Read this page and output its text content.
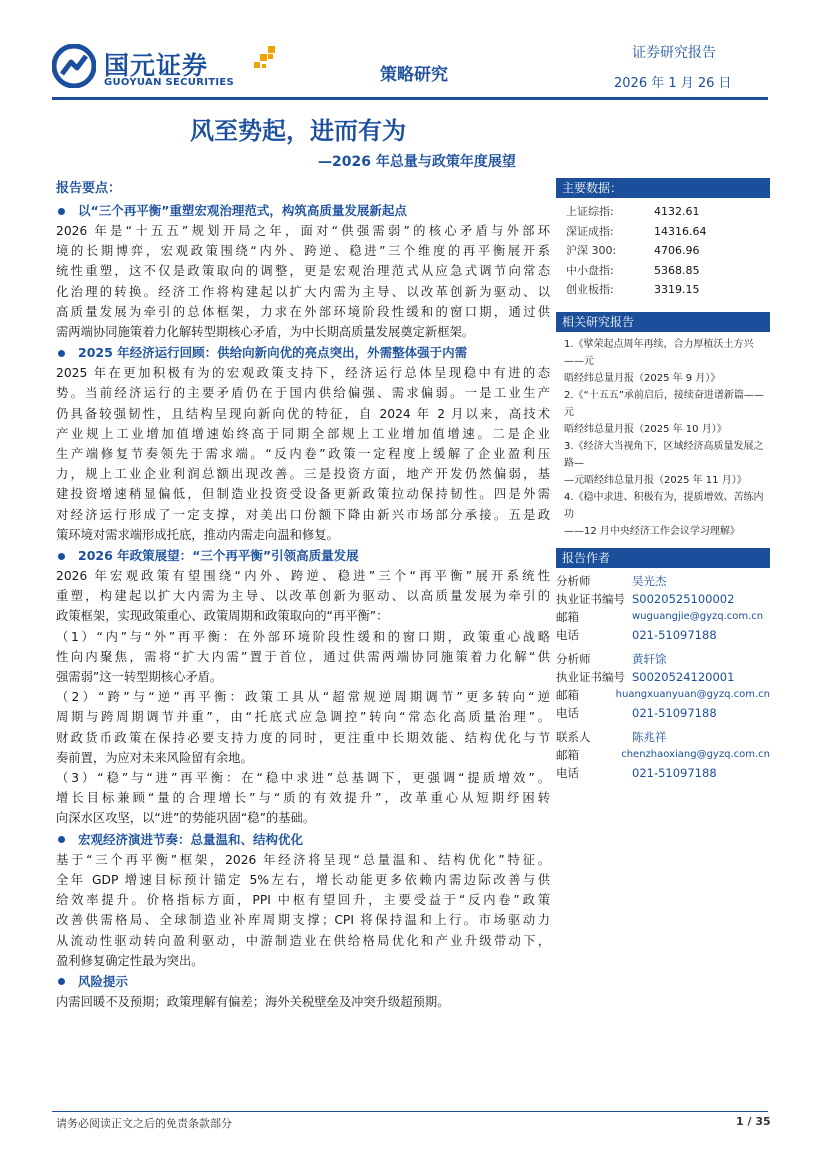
国元证券
GUOYUAN SECURITIES	策略研究
证券研究报告
2026 年 1 月 26 日
风至势起，进而有为
—2026 年总量与政策年度展望
报告要点：
以“三个再平衡”重塑宏观治理范式，构筑高质量发展新起点
2026 年是“十五五”规划开局之年，面对“供强需弱”的核心矛盾与外部环
境的长期博弈，宏观政策围绕“内外、跨逆、稳进”三个维度的再平衡展开系
统性重塑，这不仅是政策取向的调整，更是宏观治理范式从应急式调节向常态
化治理的转换。经济工作将构建起以扩大内需为主导、以改革创新为驱动、以
高质量发展为牵引的总体框架，力求在外部环境阶段性缓和的窗口期，通过供
需两端协同施策着力化解转型期核心矛盾，为中长期高质量发展奠定新框架。
2025 年经济运行回顾：供给向新向优的亮点突出，外需整体强于内需
2025 年在更加积极有为的宏观政策支持下，经济运行总体呈现稳中有进的态
势。当前经济运行的主要矛盾仍在于国内供给偏强、需求偏弱。一是工业生产
仍具备较强韧性，且结构呈现向新向优的特征，自 2024 年 2 月以来，高技术
产业规上工业增加值增速始终高于同期全部规上工业增加值增速。二是企业
生产端修复节奏领先于需求端。“反内卷”政策一定程度上缓解了企业盈利压
力，规上工业企业利润总额出现改善。三是投资方面，地产开发仍然偏弱，基
建投资增速稍显偏低，但制造业投资受设备更新政策拉动保持韧性。四是外需
对经济运行形成了一定支撑，对美出口份额下降由新兴市场部分承接。五是政
策环境对需求端形成托底，推动内需走向温和修复。
2026 年政策展望：“三个再平衡”引领高质量发展
2026 年宏观政策有望围绕“内外、跨逆、稳进”三个“再平衡”展开系统性
重塑，构建起以扩大内需为主导、以改革创新为驱动、以高质量发展为牵引的
政策框架，实现政策重心、政策周期和政策取向的“再平衡”：
（1）“内”与“外”再平衡：在外部环境阶段性缓和的窗口期，政策重心战略
性向内聚焦，需将“扩大内需”置于首位，通过供需两端协同施策着力化解“供
强需弱”这一转型期核心矛盾。
（2）“跨”与“逆”再平衡：政策工具从“超常规逆周期调节”更多转向“逆
周期与跨周期调节并重”，由“托底式应急调控”转向“常态化高质量治理”。
财政货币政策在保持必要支持力度的同时，更注重中长期效能、结构优化与节
奏前置，为应对未来风险留有余地。
（3）“稳”与“进”再平衡：在“稳中求进”总基调下，更强调“提质增效”。
增长目标兼顾“量的合理增长”与“质的有效提升”，改革重心从短期纾困转
向深水区攻坚，以“进”的势能巩固“稳”的基础。
宏观经济演进节奏：总量温和、结构优化
基于“三个再平衡”框架，2026 年经济将呈现“总量温和、结构优化”特征。
全年 GDP 增速目标预计锚定 5%左右，增长动能更多依赖内需边际改善与供
给效率提升。价格指标方面，PPI 中枢有望回升，主要受益于“反内卷”政策
改善供需格局、全球制造业补库周期支撑；CPI 将保持温和上行。市场驱动力
从流动性驱动转向盈利驱动，中游制造业在供给格局优化和产业升级带动下，
盈利修复确定性最为突出。
风险提示
内需回暖不及预期；政策理解有偏差；海外关税壁垒及冲突升级超预期。
主要数据：
上证综指:	4132.61
深证成指:	14316.64
沪深 300:	4706.96
中小盘指:	5368.85
创业板指:	3319.15
相关研究报告
1.《擘荣起点周年再续，合力厚植沃土方兴——元
晤经纬总量月报（2025 年 9 月）》
2.《“十五五”承前启后，接续奋进谱新篇——元
晤经纬总量月报（2025 年 10 月）》
3.《经济大当视角下，区域经济高质量发展之路—
—元晤经纬总量月报（2025 年 11 月）》
4.《稳中求进、积极有为，提质增效、苦练内功
——12 月中央经济工作会议学习理解》
报告作者
分析师	吴光杰
执业证书编号 S0020525100002
邮箱	wuguangjie@gyzq.com.cn
电话	021-51097188
分析师	黄轩馀
执业证书编号 S0020524120001
邮箱	huangxuanyuan@gyzq.com.cn
电话	021-51097188
联系人	陈兆祥
邮箱	chenzhaoxiang@gyzq.com.cn
电话	021-51097188
请务必阅读正文之后的免责条款部分	1 / 35
